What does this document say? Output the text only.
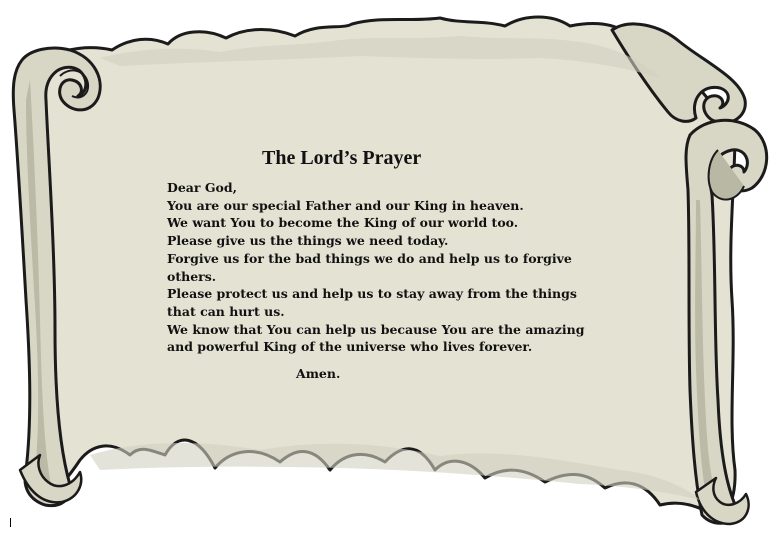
The Lord’s Prayer
Dear God,
You are our special Father and our King in heaven.
We want You to become the King of our world too.
Please give us the things we need today.
Forgive us for the bad things we do and help us to forgive
others.
Please protect us and help us to stay away from the things
that can hurt us.
We know that You can help us because You are the amazing
and powerful King of the universe who lives forever.
Amen.
